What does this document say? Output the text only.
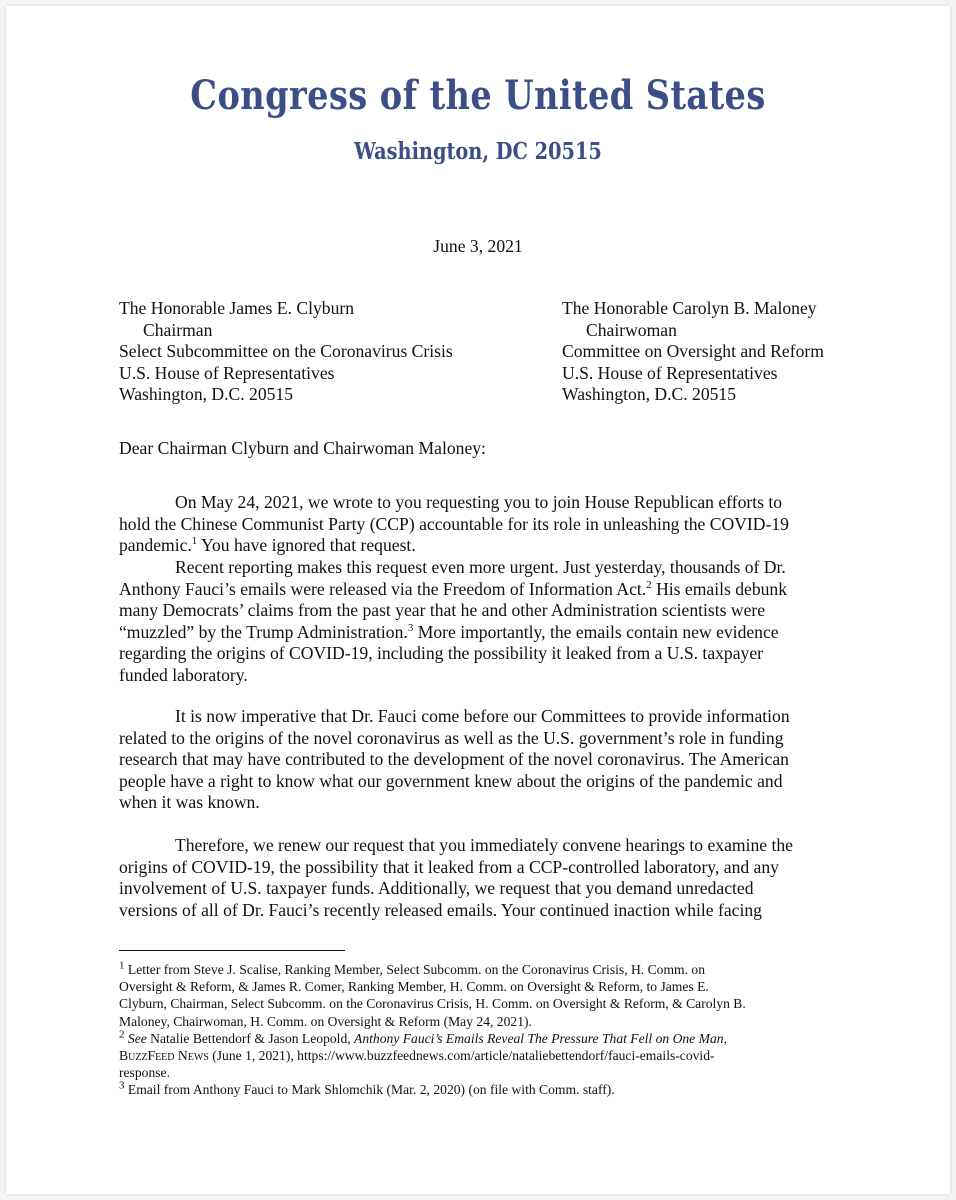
Congress of the United States
Washington, DC 20515
June 3, 2021
The Honorable James E. Clyburn
Chairman
Select Subcommittee on the Coronavirus Crisis
U.S. House of Representatives
Washington, D.C. 20515
The Honorable Carolyn B. Maloney
Chairwoman
Committee on Oversight and Reform
U.S. House of Representatives
Washington, D.C. 20515
Dear Chairman Clyburn and Chairwoman Maloney:
On May 24, 2021, we wrote to you requesting you to join House Republican efforts to
hold the Chinese Communist Party (CCP) accountable for its role in unleashing the COVID-19
pandemic.$^1$ You have ignored that request.
Recent reporting makes this request even more urgent. Just yesterday, thousands of Dr.
Anthony Fauci’s emails were released via the Freedom of Information Act.$^2$ His emails debunk
many Democrats’ claims from the past year that he and other Administration scientists were
“muzzled” by the Trump Administration.$^3$ More importantly, the emails contain new evidence
regarding the origins of COVID-19, including the possibility it leaked from a U.S. taxpayer
funded laboratory.
It is now imperative that Dr. Fauci come before our Committees to provide information
related to the origins of the novel coronavirus as well as the U.S. government’s role in funding
research that may have contributed to the development of the novel coronavirus. The American
people have a right to know what our government knew about the origins of the pandemic and
when it was known.
Therefore, we renew our request that you immediately convene hearings to examine the
origins of COVID-19, the possibility that it leaked from a CCP-controlled laboratory, and any
involvement of U.S. taxpayer funds. Additionally, we request that you demand unredacted
versions of all of Dr. Fauci’s recently released emails. Your continued inaction while facing
$^1$ Letter from Steve J. Scalise, Ranking Member, Select Subcomm. on the Coronavirus Crisis, H. Comm. on
Oversight & Reform, & James R. Comer, Ranking Member, H. Comm. on Oversight & Reform, to James E.
Clyburn, Chairman, Select Subcomm. on the Coronavirus Crisis, H. Comm. on Oversight & Reform, & Carolyn B.
Maloney, Chairwoman, H. Comm. on Oversight & Reform (May 24, 2021).
$^2$ See Natalie Bettendorf & Jason Leopold, Anthony Fauci’s Emails Reveal The Pressure That Fell on One Man,
BuzzFeed News (June 1, 2021), https://www.buzzfeednews.com/article/nataliebettendorf/fauci-emails-covid-
response.
$^3$ Email from Anthony Fauci to Mark Shlomchik (Mar. 2, 2020) (on file with Comm. staff).
